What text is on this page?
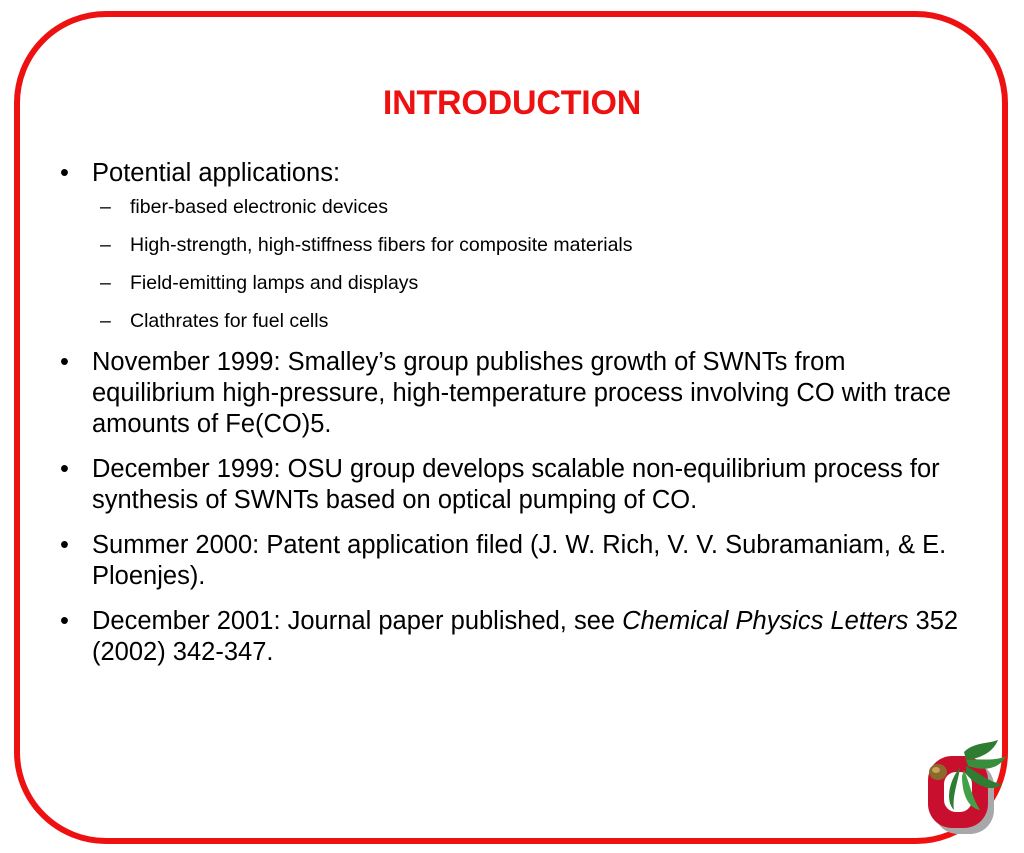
INTRODUCTION
• Potential applications:
– fiber-based electronic devices
– High-strength, high-stiffness fibers for composite materials
– Field-emitting lamps and displays
– Clathrates for fuel cells
• November 1999: Smalley’s group publishes growth of SWNTs from equilibrium high-pressure, high-temperature process involving CO with trace amounts of Fe(CO)5.
• December 1999: OSU group develops scalable non-equilibrium process for synthesis of SWNTs based on optical pumping of CO.
• Summer 2000: Patent application filed (J. W. Rich, V. V. Subramaniam, & E. Ploenjes).
• December 2001: Journal paper published, see Chemical Physics Letters 352 (2002) 342-347.
